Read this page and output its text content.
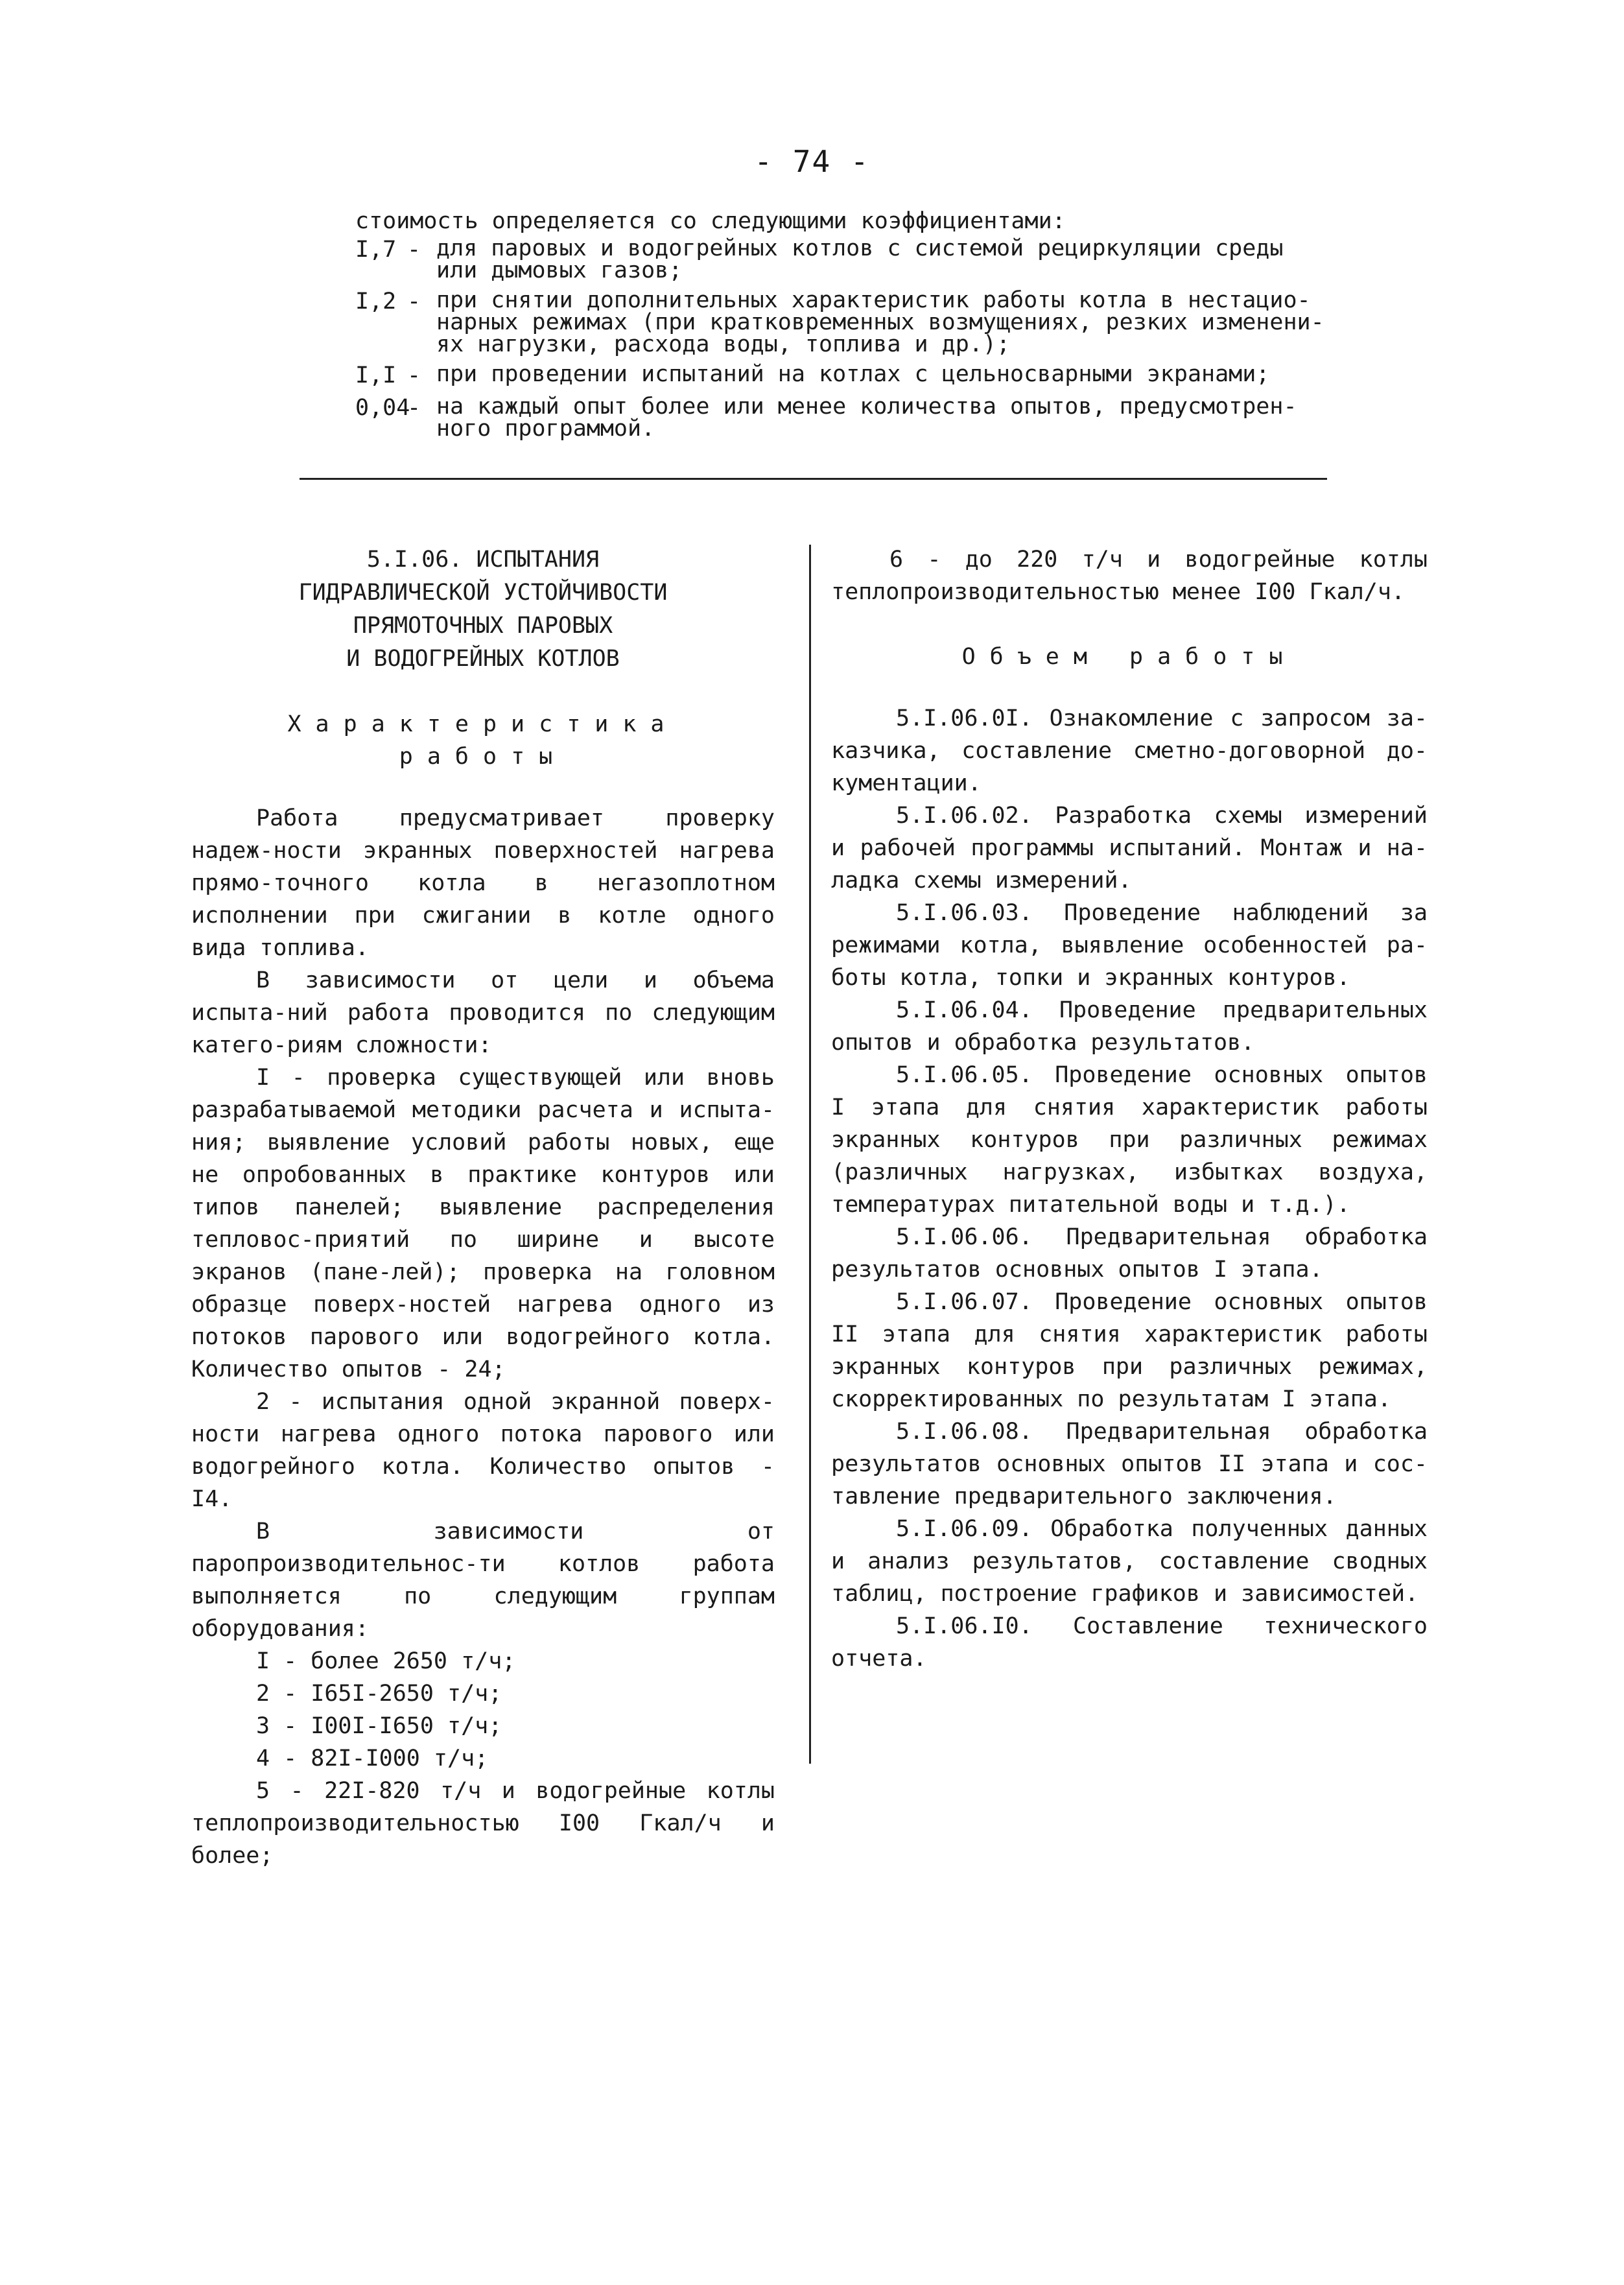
- 74 -
стоимость определяется со следующими коэффициентами:
I,7 - для паровых и водогрейных котлов с системой рециркуляции среды
или дымовых газов;
I,2 - при снятии дополнительных характеристик работы котла в нестацио-
нарных режимах (при кратковременных возмущениях, резких изменени-
ях нагрузки, расхода воды, топлива и др.);
I,I - при проведении испытаний на котлах с цельносварными экранами;
0,04
- на каждый опыт более или менее количества опытов, предусмотрен-
ного программой.
5.I.06. ИСПЫТАНИЯ
ГИДРАВЛИЧЕСКОЙ УСТОЙЧИВОСТИ
ПРЯМОТОЧНЫХ ПАРОВЫХ
И ВОДОГРЕЙНЫХ КОТЛОВ
Характеристика
работы
Работа предусматривает проверку надеж-ности экранных поверхностей нагрева прямо-точного котла в негазоплотном исполнении при сжигании в котле одного вида топлива.
В зависимости от цели и объема испыта-ний работа проводится по следующим катего-риям сложности:
I - проверка существующей или вновь разрабатываемой методики расчета и испыта-ния; выявление условий работы новых, еще не опробованных в практике контуров или типов панелей; выявление распределения тепловос-приятий по ширине и высоте экранов (пане-лей); проверка на головном образце поверх-ностей нагрева одного из потоков парового или водогрейного котла. Количество опытов - 24;
2 - испытания одной экранной поверх-ности нагрева одного потока парового или водогрейного котла. Количество опытов - I4.
В зависимости от паропроизводительнос-ти котлов работа выполняется по следующим группам оборудования:
I - более 2650 т/ч;
2 - I65I-2650 т/ч;
3 - I00I-I650 т/ч;
4 - 82I-I000 т/ч;
5 - 22I-820 т/ч и водогрейные котлы теплопроизводительностью I00 Гкал/ч и более;
6 - до 220 т/ч и водогрейные котлы теплопроизводительностью менее I00 Гкал/ч.
Объем работы
5.I.06.0I. Ознакомление с запросом за-казчика, составление сметно-договорной до-кументации.
5.I.06.02. Разработка схемы измерений и рабочей программы испытаний. Монтаж и на-ладка схемы измерений.
5.I.06.03. Проведение наблюдений за режимами котла, выявление особенностей ра-боты котла, топки и экранных контуров.
5.I.06.04. Проведение предварительных опытов и обработка результатов.
5.I.06.05. Проведение основных опытов I этапа для снятия характеристик работы экранных контуров при различных режимах (различных нагрузках, избытках воздуха, температурах питательной воды и т.д.).
5.I.06.06. Предварительная обработка результатов основных опытов I этапа.
5.I.06.07. Проведение основных опытов II этапа для снятия характеристик работы экранных контуров при различных режимах, скорректированных по результатам I этапа.
5.I.06.08. Предварительная обработка результатов основных опытов II этапа и сос-тавление предварительного заключения.
5.I.06.09. Обработка полученных данных и анализ результатов, составление сводных таблиц, построение графиков и зависимостей.
5.I.06.I0. Составление технического отчета.
